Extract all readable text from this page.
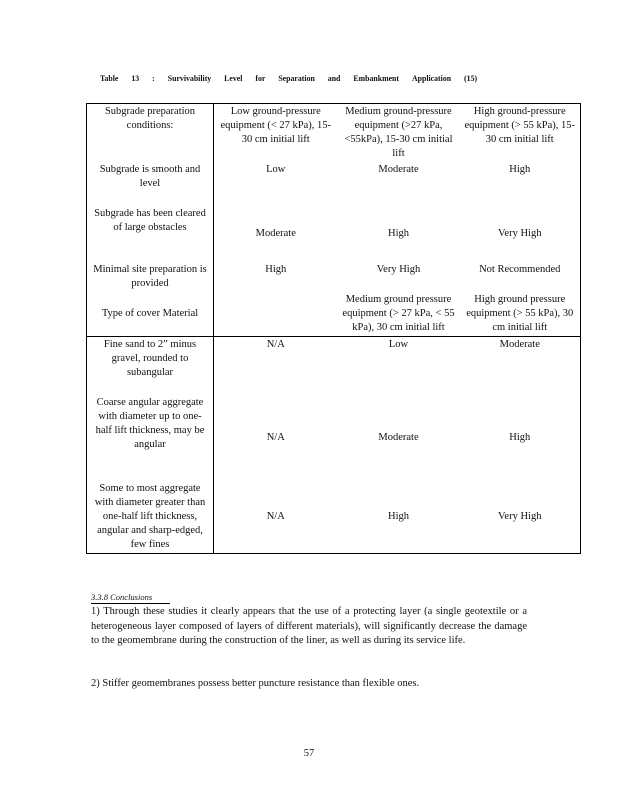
Table 13 : Survivability Level for Separation and Embankment Application (15)
Subgrade preparation conditions:	Low ground-pressure equipment (< 27 kPa), 15-30 cm initial lift	Medium ground-pressure equipment (>27 kPa, <55kPa), 15-30 cm initial lift	High ground-pressure equipment (> 55 kPa), 15-30 cm initial lift
Subgrade is smooth and level	Low	Moderate	High
Subgrade has been cleared of large obstacles	Moderate	High	Very High
Minimal site preparation is provided	High	Very High	Not Recommended
Type of cover Material		Medium ground pressure equipment (> 27 kPa, < 55 kPa), 30 cm initial lift	High ground pressure equipment (> 55 kPa), 30 cm initial lift
Fine sand to 2” minus gravel, rounded to subangular	N/A	Low	Moderate
Coarse angular aggregate with diameter up to one-half lift thickness, may be angular	N/A	Moderate	High
Some to most aggregate with diameter greater than one-half lift thickness, angular and sharp-edged, few fines	N/A	High	Very High
3.3.8 Conclusions
1) Through these studies it clearly appears that the use of a protecting layer (a single geotextile or a heterogeneous layer composed of layers of different materials), will significantly decrease the damage to the geomembrane during the construction of the liner, as well as during its service life.
2) Stiffer geomembranes possess better puncture resistance than flexible ones.
57
